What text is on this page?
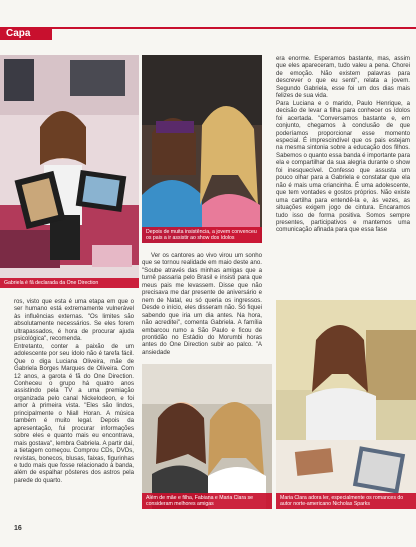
Capa
Gabriela é fã declarada da One Direction
Depois de muita insistência, a jovem convenceu os pais a ir assistir ao show dos ídolos
Além de mãe e filha, Fabiana e Maria Clara se consideram melhores amigas
Maria Clara adora ler, especialmente os romances do autor norte-americano Nicholas Sparks

ros, visto que esta é uma etapa em que o ser humano está extremamente vulnerável às influências externas. "Os limites são absolutamente necessários. Se eles forem ultrapassados, é hora de procurar ajuda psicológica", recomenda.
Entretanto, conter a paixão de um adolescente por seu ídolo não é tarefa fácil. Que o diga Luciana Oliveira, mãe de Gabriela Borges Marques de Oliveira. Com 12 anos, a garota é fã do One Direction. Conheceu o grupo há quatro anos assistindo pela TV a uma premiação organizada pelo canal Nickelodeon, e foi amor à primeira vista. "Eles são lindos, principalmente o Niall Horan. A música também é muito legal. Depois da apresentação, fui procurar informações sobre eles e quanto mais eu encontrava, mais gostava", lembra Gabriela. A partir daí, a tietagem começou. Comprou CDs, DVDs, revistas, bonecos, blusas, faixas, figurinhas e tudo mais que fosse relacionado à banda, além de espalhar pôsteres dos astros pela parede do quarto.

Ver os cantores ao vivo virou um sonho que se tornou realidade em maio deste ano. "Soube através das minhas amigas que a turnê passaria pelo Brasil e insisti para que meus pais me levassem. Disse que não precisava me dar presente de aniversário e nem de Natal, eu só queria os ingressos. Desde o início, eles disseram não. Só fiquei sabendo que iria um dia antes. Na hora, não acreditei", comenta Gabriela. A família embarcou rumo a São Paulo e ficou de prontidão no Estádio do Morumbi horas antes do One Direction subir ao palco. "A ansiedade

era enorme. Esperamos bastante, mas, assim que eles apareceram, tudo valeu a pena. Chorei de emoção. Não existem palavras para descrever o que eu senti", relata a jovem. Segundo Gabriela, esse foi um dos dias mais felizes de sua vida.
Para Luciana e o marido, Paulo Henrique, a decisão de levar a filha para conhecer os ídolos foi acertada. "Conversamos bastante e, em conjunto, chegamos à conclusão de que poderíamos proporcionar esse momento especial. É imprescindível que os pais estejam na mesma sintonia sobre a educação dos filhos. Sabemos o quanto essa banda é importante para ela e compartilhar da sua alegria durante o show foi inesquecível. Confesso que assusta um pouco olhar para a Gabriela e constatar que ela não é mais uma criancinha. É uma adolescente, que tem vontades e gostos próprios. Não existe uma cartilha para entendê-la e, às vezes, as situações exigem jogo de cintura. Encaramos tudo isso de forma positiva. Somos sempre presentes, participativos e mantemos uma comunicação afinada para que essa fase

16
